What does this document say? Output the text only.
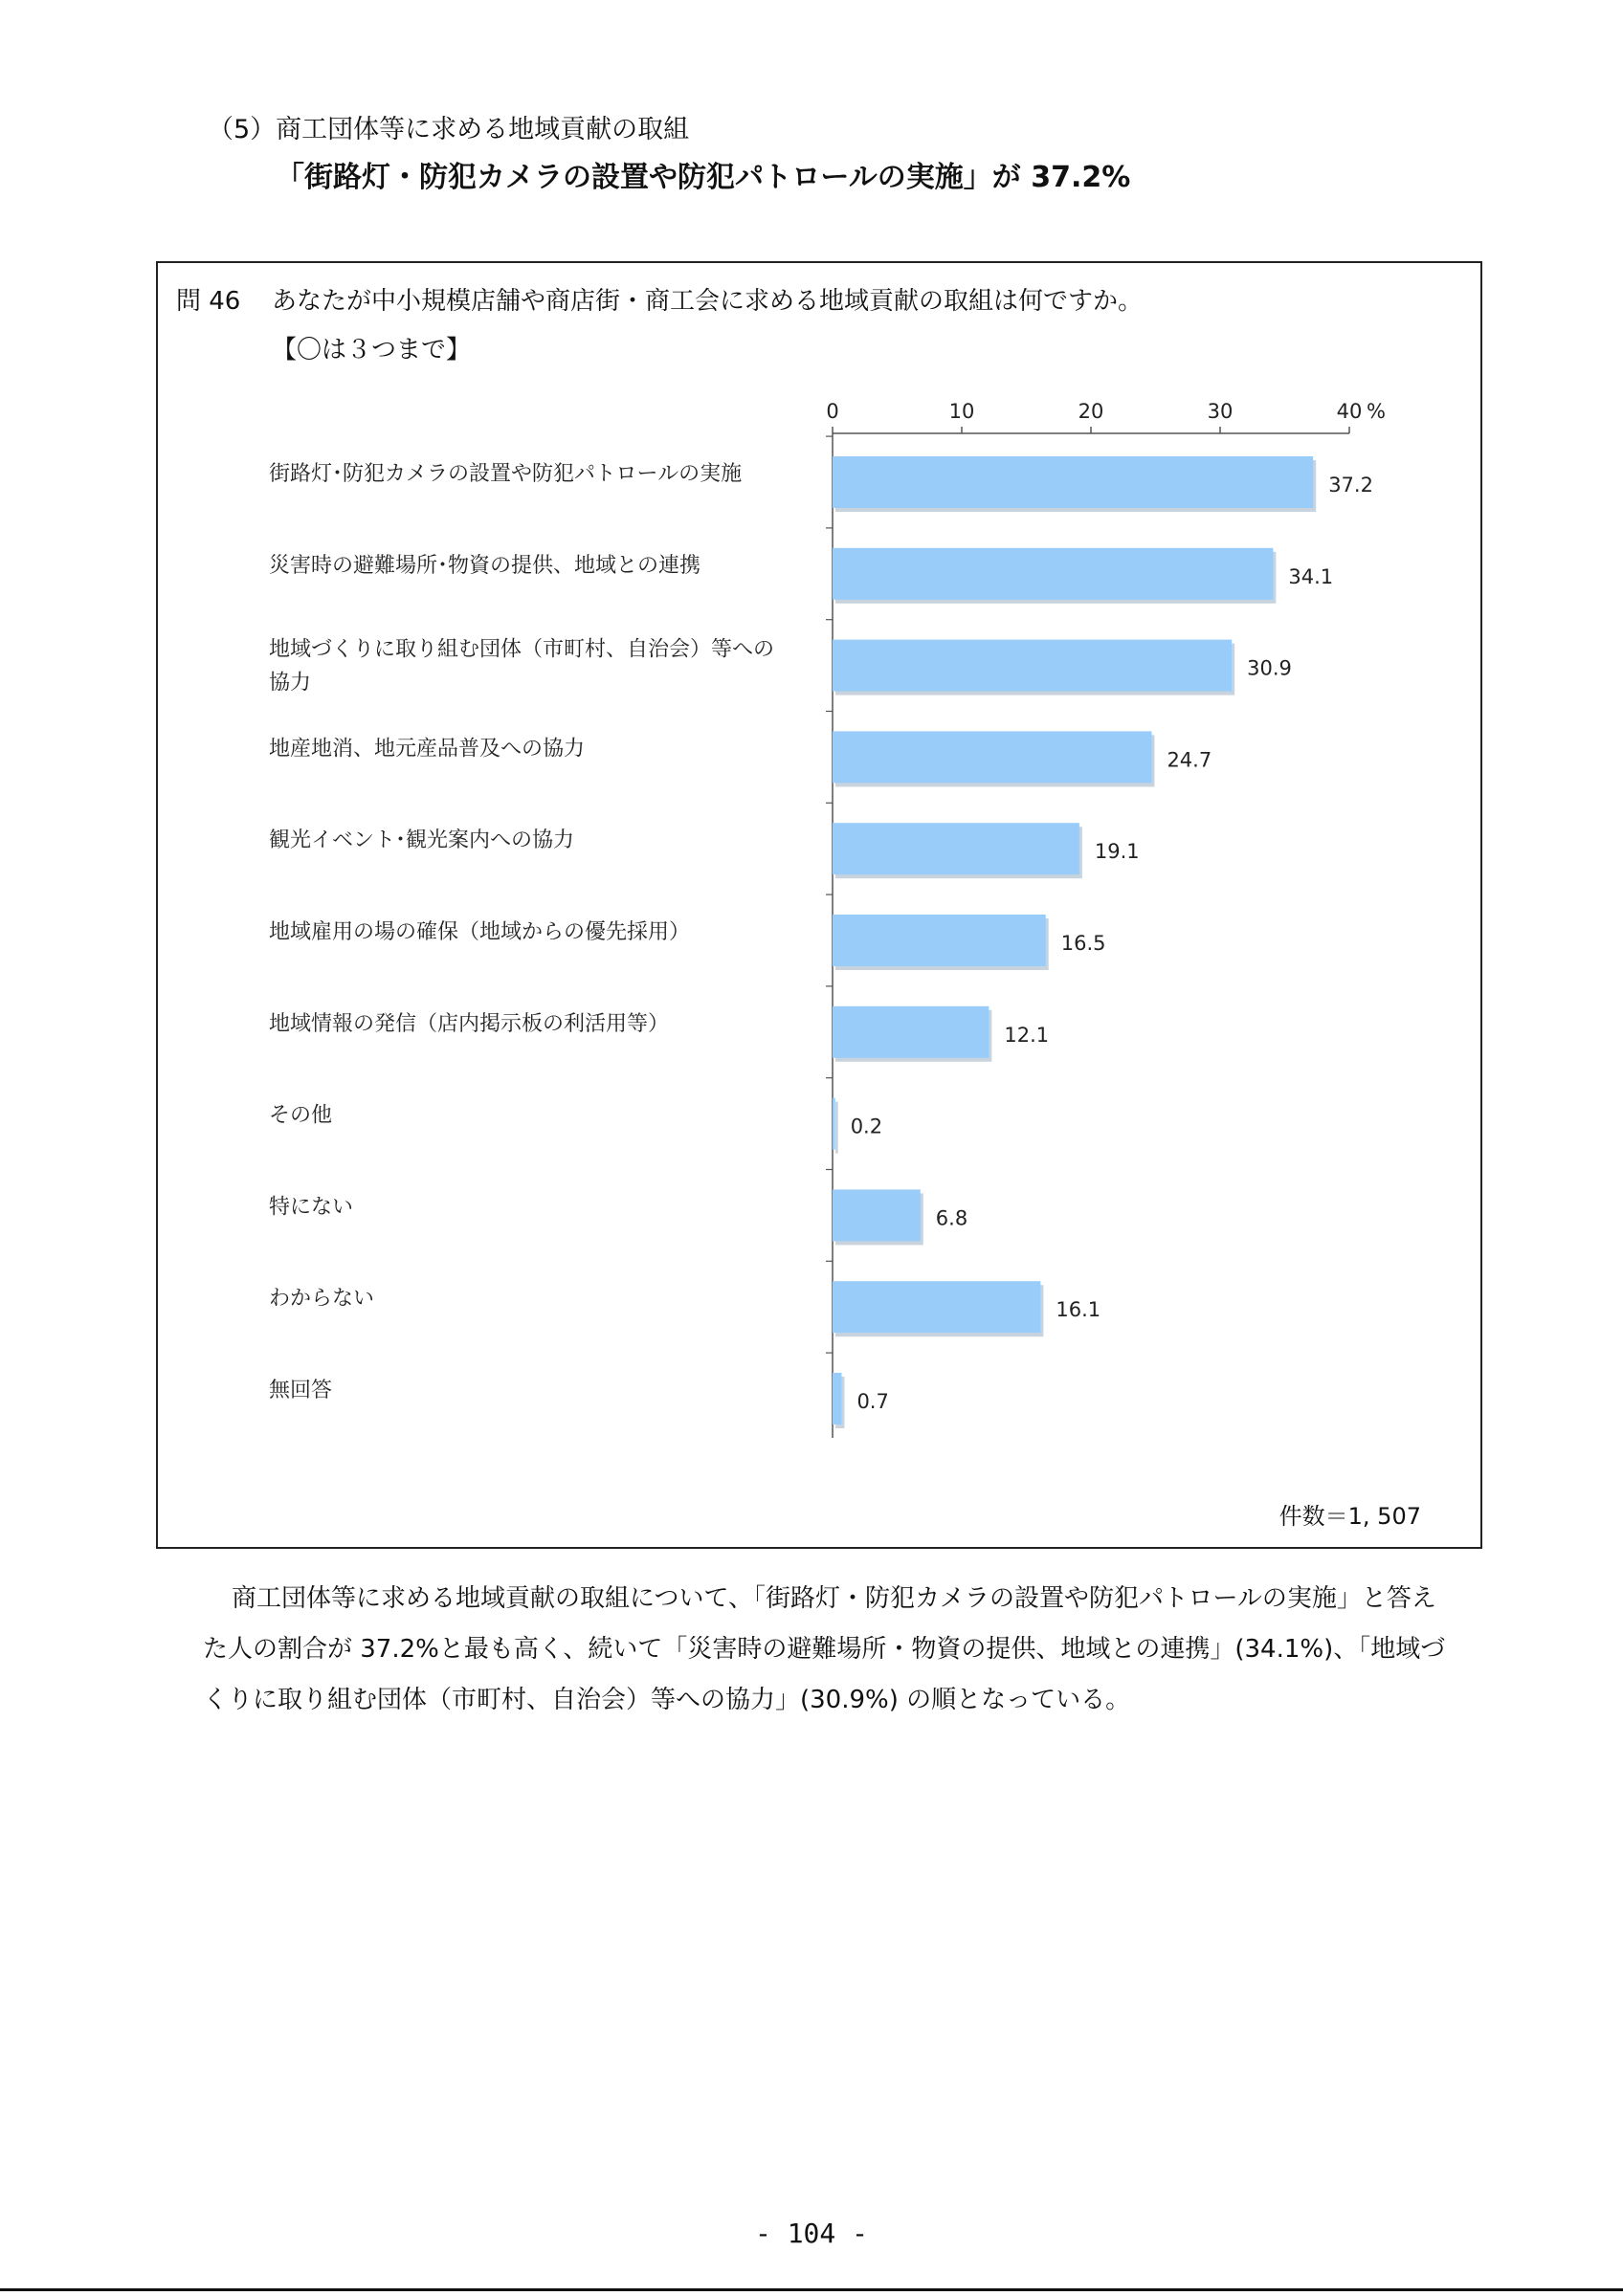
（5）商工団体等に求める地域貢献の取組
「街路灯・防犯カメラの設置や防犯パトロールの実施」が 37.2%
問 46 あなたが中小規模店舗や商店街・商工会に求める地域貢献の取組は何ですか。
【〇は３つまで】
0	10	20	30	40 %
37.2
街路灯･防犯カメラの設置や防犯パトロールの実施
34.1
災害時の避難場所･物資の提供、地域との連携
30.9
地域づくりに取り組む団体（市町村、自治会）等への
協力
24.7
地産地消、地元産品普及への協力
19.1
観光イベント･観光案内への協力
16.5
地域雇用の場の確保（地域からの優先採用）
12.1
地域情報の発信（店内掲示板の利活用等）
0.2
その他
6.8
特にない
16.1
わからない
0.7
無回答
件数＝1, 507

商工団体等に求める地域貢献の取組について、「街路灯・防犯カメラの設置や防犯パトロールの実施」と答えた人の割合が 37.2%と最も高く、続いて「災害時の避難場所・物資の提供、地域との連携」(34.1%)、「地域づくりに取り組む団体（市町村、自治会）等への協力」(30.9%) の順となっている。

- 104 -
